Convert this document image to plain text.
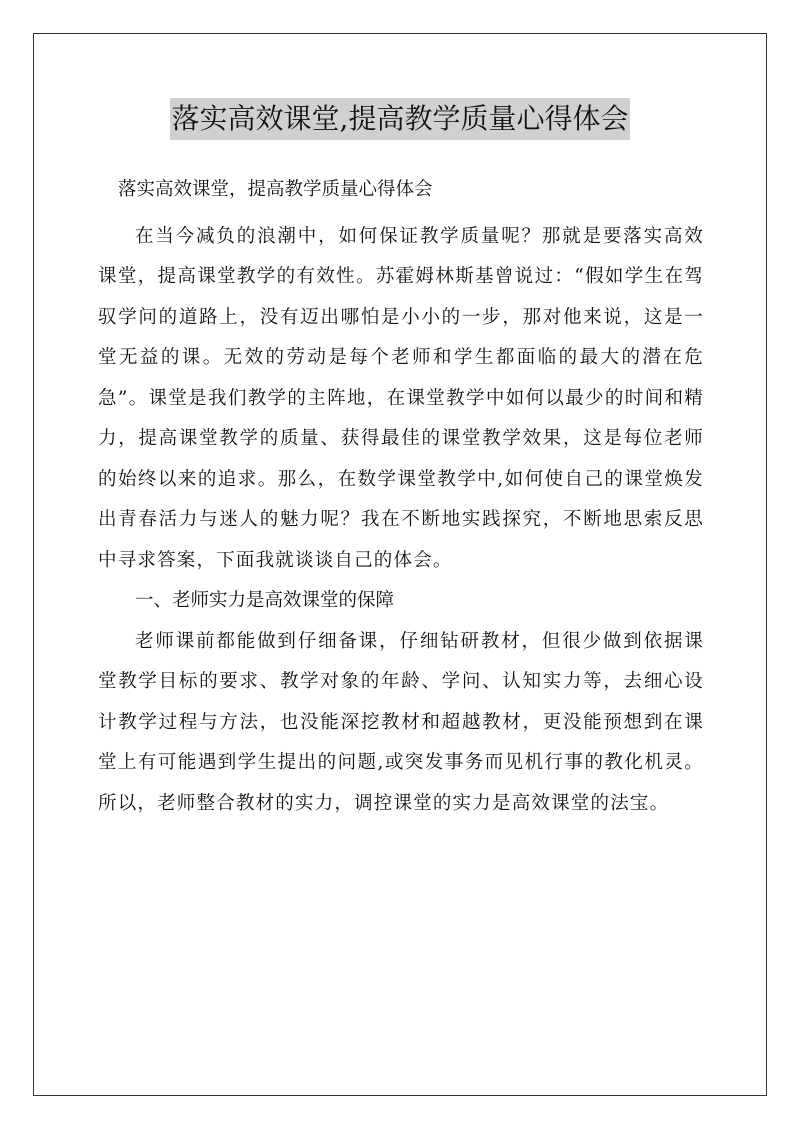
落实高效课堂,提高教学质量心得体会

落实高效课堂，提高教学质量心得体会

在当今减负的浪潮中，如何保证教学质量呢？那就是要落实高效课堂，提高课堂教学的有效性。苏霍姆林斯基曾说过：“假如学生在驾驭学问的道路上，没有迈出哪怕是小小的一步，那对他来说，这是一堂无益的课。无效的劳动是每个老师和学生都面临的最大的潜在危急”。课堂是我们教学的主阵地，在课堂教学中如何以最少的时间和精力，提高课堂教学的质量、获得最佳的课堂教学效果，这是每位老师的始终以来的追求。那么，在数学课堂教学中,如何使自己的课堂焕发出青春活力与迷人的魅力呢？我在不断地实践探究，不断地思索反思中寻求答案，下面我就谈谈自己的体会。

一、老师实力是高效课堂的保障

老师课前都能做到仔细备课，仔细钻研教材，但很少做到依据课堂教学目标的要求、教学对象的年龄、学问、认知实力等，去细心设计教学过程与方法，也没能深挖教材和超越教材，更没能预想到在课堂上有可能遇到学生提出的问题,或突发事务而见机行事的教化机灵。所以，老师整合教材的实力，调控课堂的实力是高效课堂的法宝。
